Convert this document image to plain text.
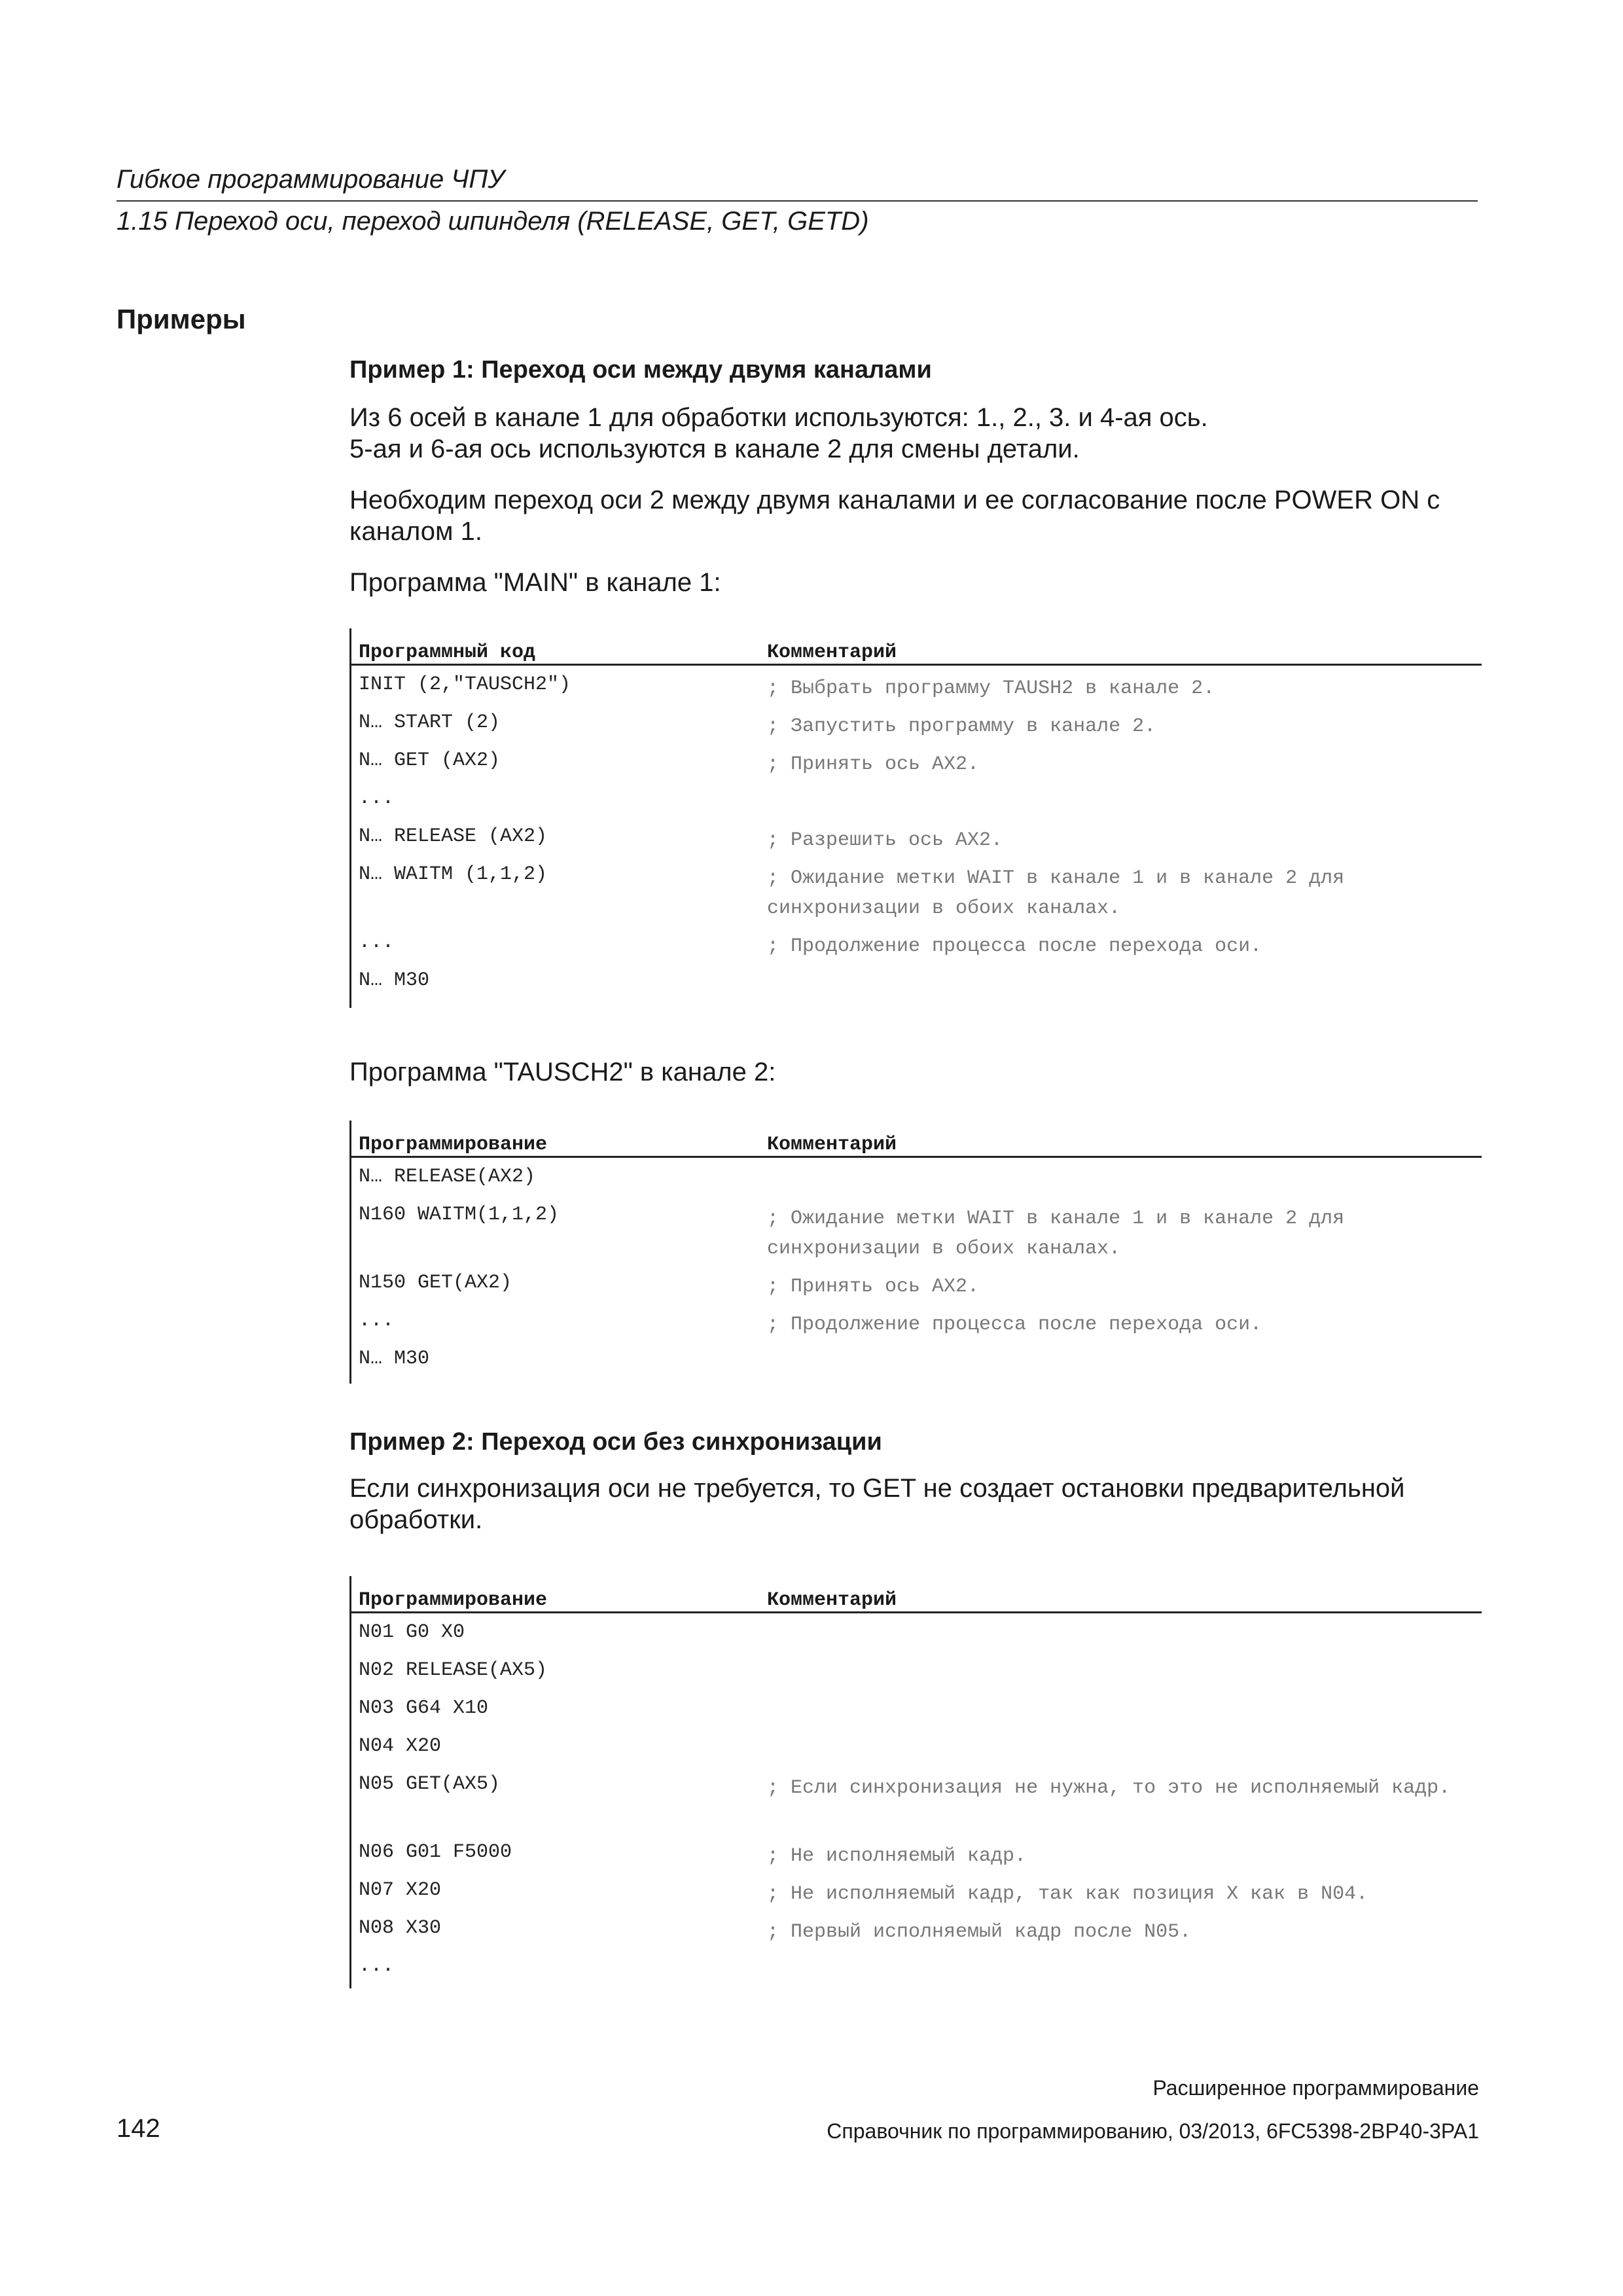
Гибкое программирование ЧПУ
1.15 Переход оси, переход шпинделя (RELEASE, GET, GETD)
Примеры
Пример 1: Переход оси между двумя каналами

Из 6 осей в канале 1 для обработки используются: 1., 2., 3. и 4-ая ось.

5-ая и 6-ая ось используются в канале 2 для смены детали.

Необходим переход оси 2 между двумя каналами и ее согласование после POWER ON с каналом 1.

Программа "MAIN" в канале 1:

Программный код	Комментарий
INIT (2,"TAUSCH2")	; Выбрать программу TAUSH2 в канале 2.
N… START (2)	; Запустить программу в канале 2.
N… GET (AX2)	; Принять ось AX2.
...
N… RELEASE (AX2)	; Разрешить ось AX2.
N… WAITM (1,1,2)	; Ожидание метки WAIT в канале 1 и в канале 2 для синхронизации в обоих каналах.
...	; Продолжение процесса после перехода оси.
N… M30

Программа "TAUSCH2" в канале 2:

Программирование	Комментарий
N… RELEASE(AX2)
N160 WAITM(1,1,2)	; Ожидание метки WAIT в канале 1 и в канале 2 для синхронизации в обоих каналах.
N150 GET(AX2)	; Принять ось AX2.
...	; Продолжение процесса после перехода оси.
N… M30
Пример 2: Переход оси без синхронизации

Если синхронизация оси не требуется, то GET не создает остановки предварительной обработки.

Программирование	Комментарий
N01 G0 X0
N02 RELEASE(AX5)
N03 G64 X10
N04 X20
N05 GET(AX5)	; Если синхронизация не нужна, то это не исполняемый кадр.
N06 G01 F5000	; Не исполняемый кадр.
N07 X20	; Не исполняемый кадр, так как позиция X как в N04.
N08 X30	; Первый исполняемый кадр после N05.
...
Расширенное программирование
142	Справочник по программированию, 03/2013, 6FC5398-2BP40-3PA1
